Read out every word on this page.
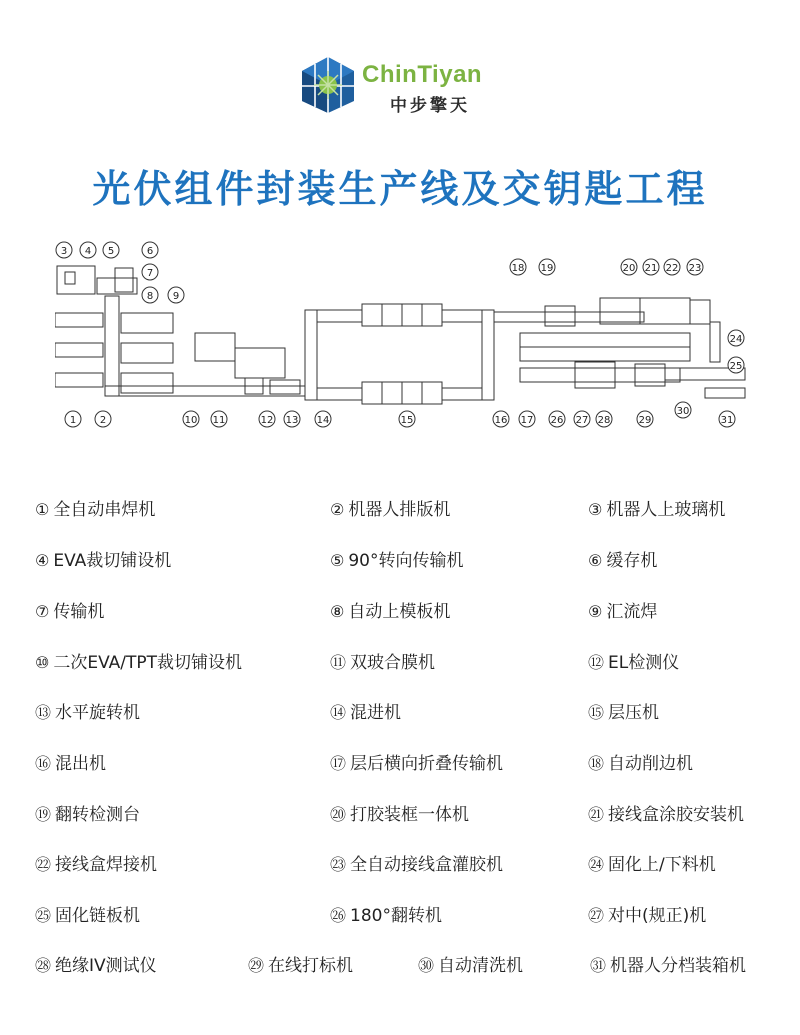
ChinTiyan
中步擎天
光伏组件封装生产线及交钥匙工程
3 4 5	6
7
8 9
1 2	10 11	12 13 14	15	16 17
18 19	20 21 22 23
24
25
26 27 28	29
30
31
① 全自动串焊机	② 机器人排版机	③ 机器人上玻璃机
④ EVA裁切铺设机	⑤ 90°转向传输机	⑥ 缓存机
⑦ 传输机	⑧ 自动上模板机	⑨ 汇流焊
⑩ 二次EVA/TPT裁切铺设机	⑪ 双玻合膜机	⑫ EL检测仪
⑬ 水平旋转机	⑭ 混进机	⑮ 层压机
⑯ 混出机	⑰ 层后横向折叠传输机	⑱ 自动削边机
⑲ 翻转检测台	⑳ 打胶装框一体机	㉑ 接线盒涂胶安装机
㉒ 接线盒焊接机	㉓ 全自动接线盒灌胶机	㉔ 固化上/下料机
㉕ 固化链板机	㉖ 180°翻转机	㉗ 对中(规正)机
㉘ 绝缘IV测试仪	㉙ 在线打标机	㉚ 自动清洗机	㉛ 机器人分档装箱机
